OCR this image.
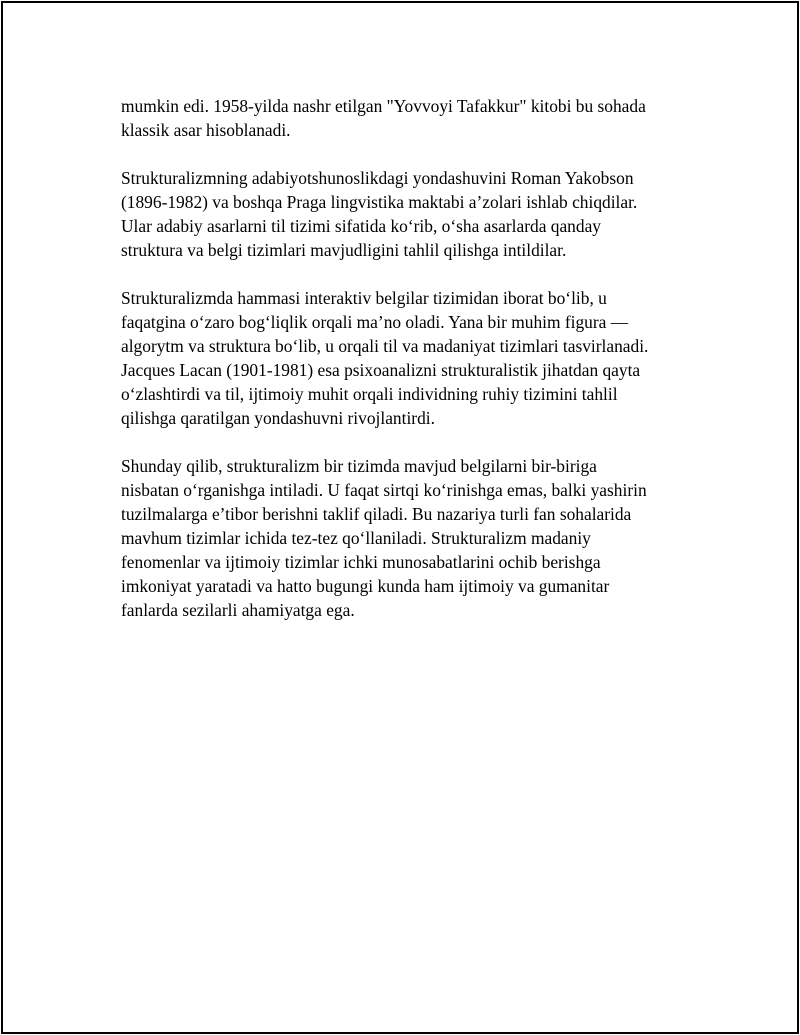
mumkin edi. 1958-yilda nashr etilgan "Yovvoyi Tafakkur" kitobi bu sohada
klassik asar hisoblanadi.

Strukturalizmning adabiyotshunoslikdagi yondashuvini Roman Yakobson
(1896-1982) va boshqa Praga lingvistika maktabi a’zolari ishlab chiqdilar.
Ular adabiy asarlarni til tizimi sifatida ko‘rib, o‘sha asarlarda qanday
struktura va belgi tizimlari mavjudligini tahlil qilishga intildilar.

Strukturalizmda hammasi interaktiv belgilar tizimidan iborat bo‘lib, u
faqatgina o‘zaro bog‘liqlik orqali ma’no oladi. Yana bir muhim figura —
algorytm va struktura bo‘lib, u orqali til va madaniyat tizimlari tasvirlanadi.
Jacques Lacan (1901-1981) esa psixoanalizni strukturalistik jihatdan qayta
o‘zlashtirdi va til, ijtimoiy muhit orqali individning ruhiy tizimini tahlil
qilishga qaratilgan yondashuvni rivojlantirdi.

Shunday qilib, strukturalizm bir tizimda mavjud belgilarni bir-biriga
nisbatan o‘rganishga intiladi. U faqat sirtqi ko‘rinishga emas, balki yashirin
tuzilmalarga e’tibor berishni taklif qiladi. Bu nazariya turli fan sohalarida
mavhum tizimlar ichida tez-tez qo‘llaniladi. Strukturalizm madaniy
fenomenlar va ijtimoiy tizimlar ichki munosabatlarini ochib berishga
imkoniyat yaratadi va hatto bugungi kunda ham ijtimoiy va gumanitar
fanlarda sezilarli ahamiyatga ega.
